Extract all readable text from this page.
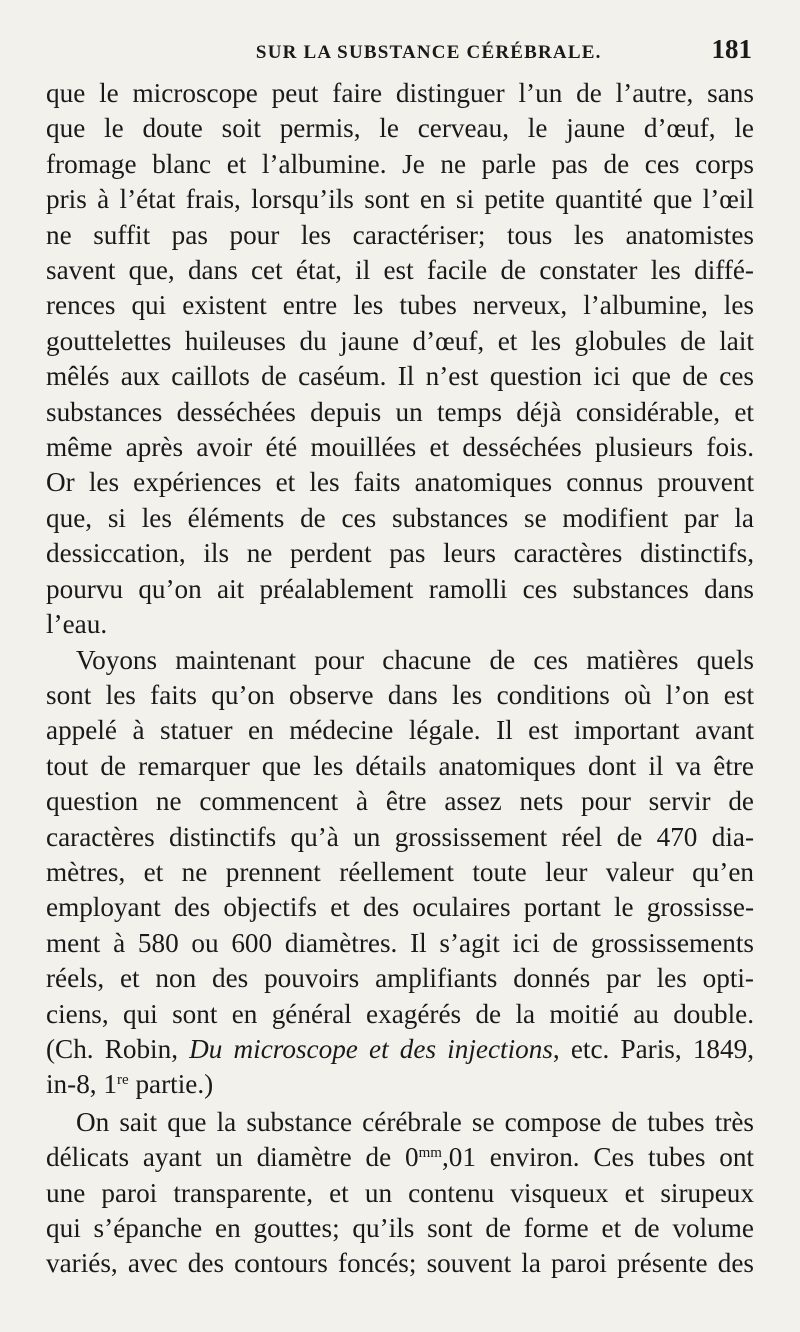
SUR LA SUBSTANCE CÉRÉBRALE.	181
que le microscope peut faire distinguer l’un de l’autre, sans
que le doute soit permis, le cerveau, le jaune d’œuf, le
fromage blanc et l’albumine. Je ne parle pas de ces corps
pris à l’état frais, lorsqu’ils sont en si petite quantité que l’œil
ne suffit pas pour les caractériser; tous les anatomistes
savent que, dans cet état, il est facile de constater les diffé-
rences qui existent entre les tubes nerveux, l’albumine, les
gouttelettes huileuses du jaune d’œuf, et les globules de lait
mêlés aux caillots de caséum. Il n’est question ici que de ces
substances desséchées depuis un temps déjà considérable, et
même après avoir été mouillées et desséchées plusieurs fois.
Or les expériences et les faits anatomiques connus prouvent
que, si les éléments de ces substances se modifient par la
dessiccation, ils ne perdent pas leurs caractères distinctifs,
pourvu qu’on ait préalablement ramolli ces substances dans
l’eau.
Voyons maintenant pour chacune de ces matières quels
sont les faits qu’on observe dans les conditions où l’on est
appelé à statuer en médecine légale. Il est important avant
tout de remarquer que les détails anatomiques dont il va être
question ne commencent à être assez nets pour servir de
caractères distinctifs qu’à un grossissement réel de 470 dia-
mètres, et ne prennent réellement toute leur valeur qu’en
employant des objectifs et des oculaires portant le grossisse-
ment à 580 ou 600 diamètres. Il s’agit ici de grossissements
réels, et non des pouvoirs amplifiants donnés par les opti-
ciens, qui sont en général exagérés de la moitié au double.
(Ch. Robin, Du microscope et des injections, etc. Paris, 1849,
in-8, 1re partie.)
On sait que la substance cérébrale se compose de tubes très
délicats ayant un diamètre de $0^{mm},01$ environ. Ces tubes ont
une paroi transparente, et un contenu visqueux et sirupeux
qui s’épanche en gouttes; qu’ils sont de forme et de volume
variés, avec des contours foncés; souvent la paroi présente des
